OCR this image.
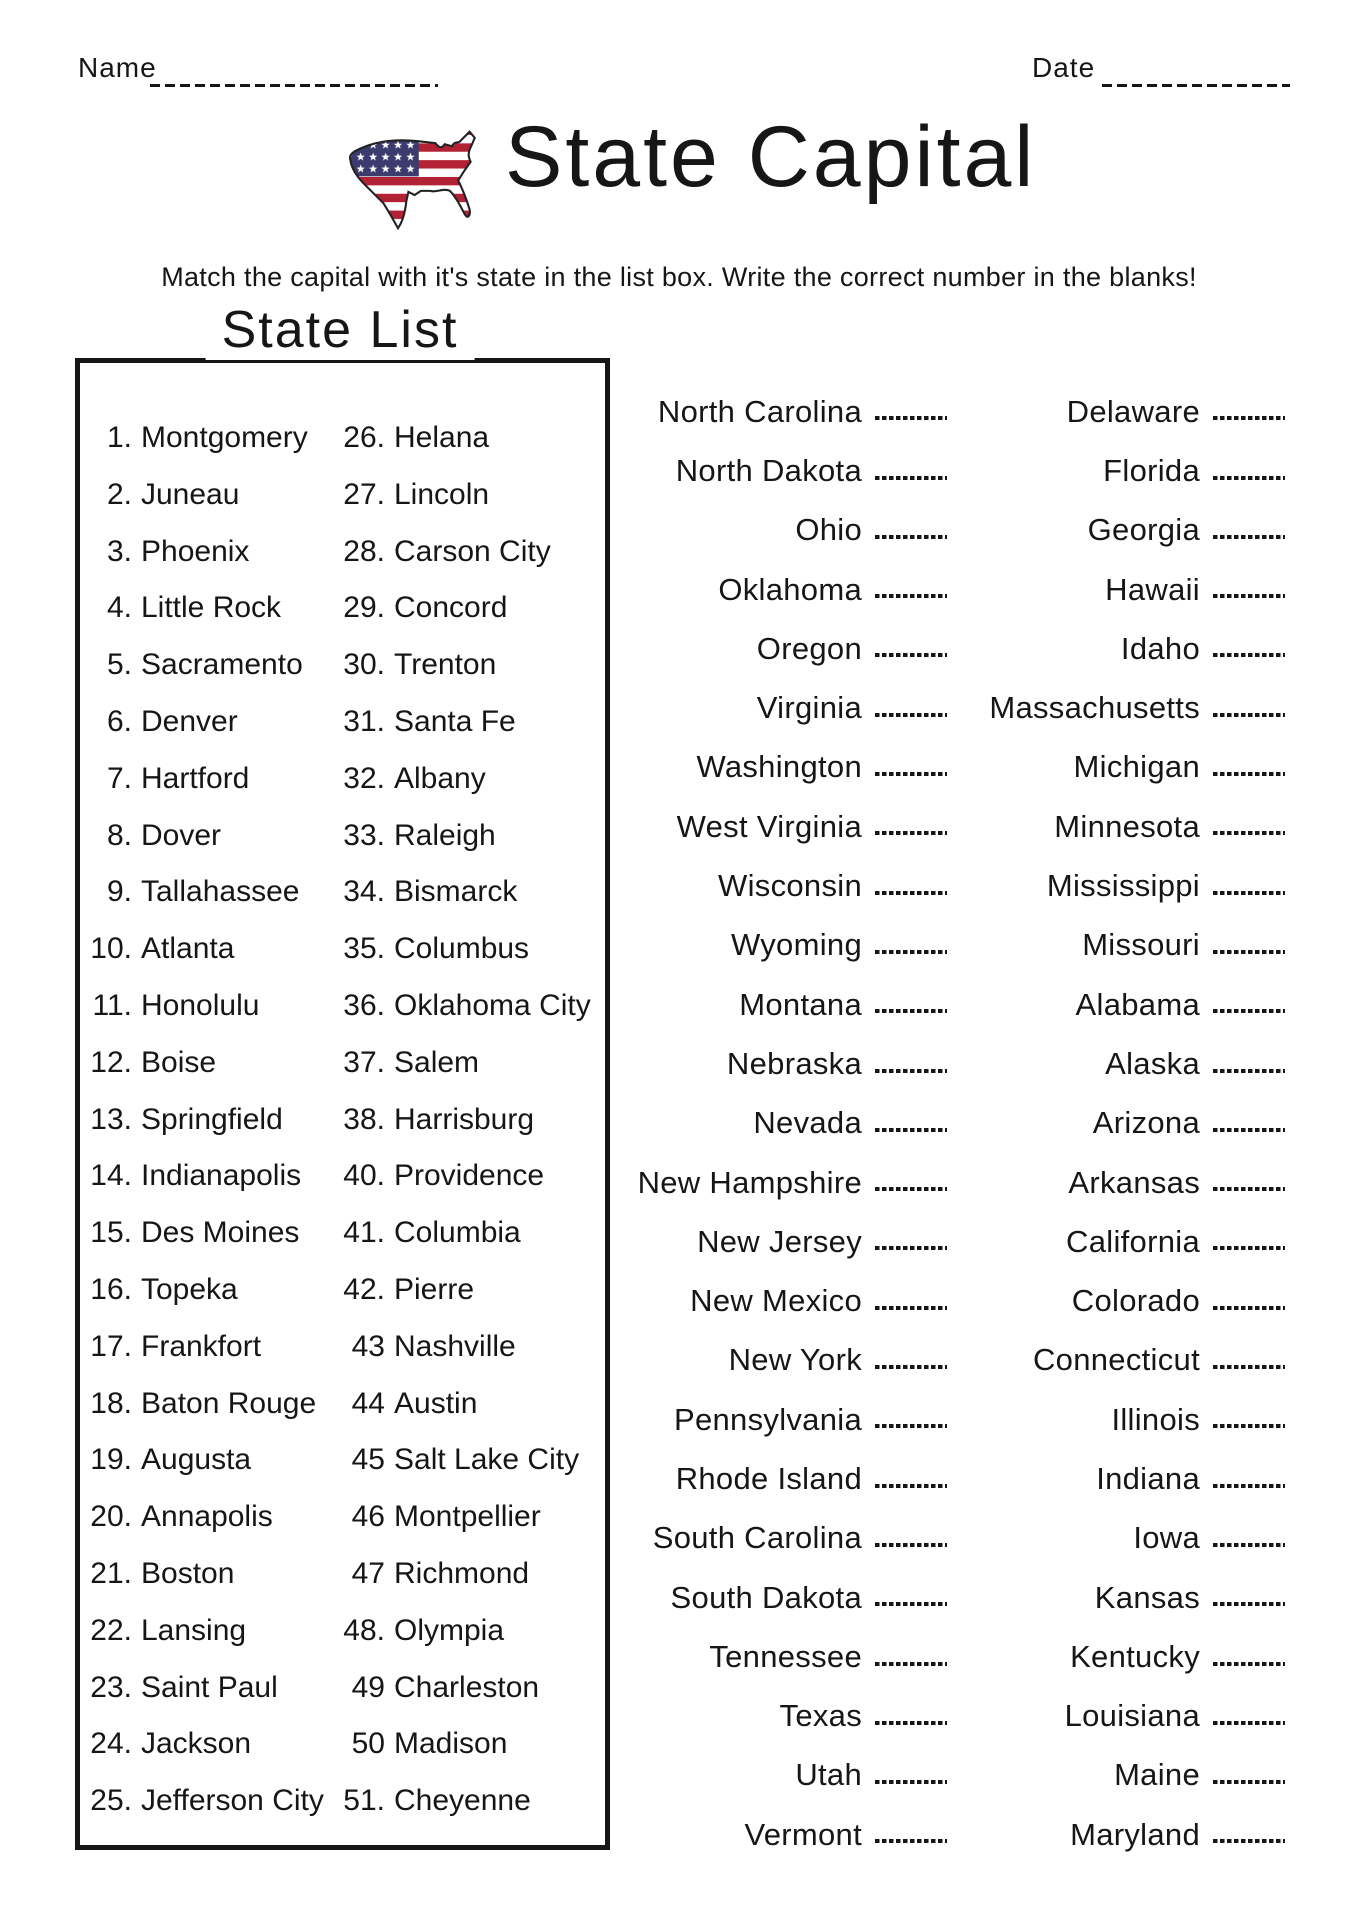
Name	Date
State Capital
Match the capital with it's state in the list box. Write the correct number in the blanks!
State List
1. Montgomery	26. Helana
2. Juneau	27. Lincoln
3. Phoenix	28. Carson City
4. Little Rock	29. Concord
5. Sacramento	30. Trenton
6. Denver	31. Santa Fe
7. Hartford	32. Albany
8. Dover	33. Raleigh
9. Tallahassee	34. Bismarck
10. Atlanta	35. Columbus
11. Honolulu	36. Oklahoma City
12. Boise	37. Salem
13. Springfield	38. Harrisburg
14. Indianapolis	40. Providence
15. Des Moines	41. Columbia
16. Topeka	42. Pierre
17. Frankfort	43 Nashville
18. Baton Rouge	44 Austin
19. Augusta	45 Salt Lake City
20. Annapolis	46 Montpellier
21. Boston	47 Richmond
22. Lansing	48. Olympia
23. Saint Paul	49 Charleston
24. Jackson	50 Madison
25. Jefferson City 51. Cheyenne
North Carolina
North Dakota
Ohio
Oklahoma
Oregon
Virginia
Washington
West Virginia
Wisconsin
Wyoming
Montana
Nebraska
Nevada
New Hampshire
New Jersey
New Mexico
New York
Pennsylvania
Rhode Island
South Carolina
South Dakota
Tennessee
Texas
Utah
Vermont
Delaware
Florida
Georgia
Hawaii
Idaho
Massachusetts
Michigan
Minnesota
Mississippi
Missouri
Alabama
Alaska
Arizona
Arkansas
California
Colorado
Connecticut
Illinois
Indiana
Iowa
Kansas
Kentucky
Louisiana
Maine
Maryland
